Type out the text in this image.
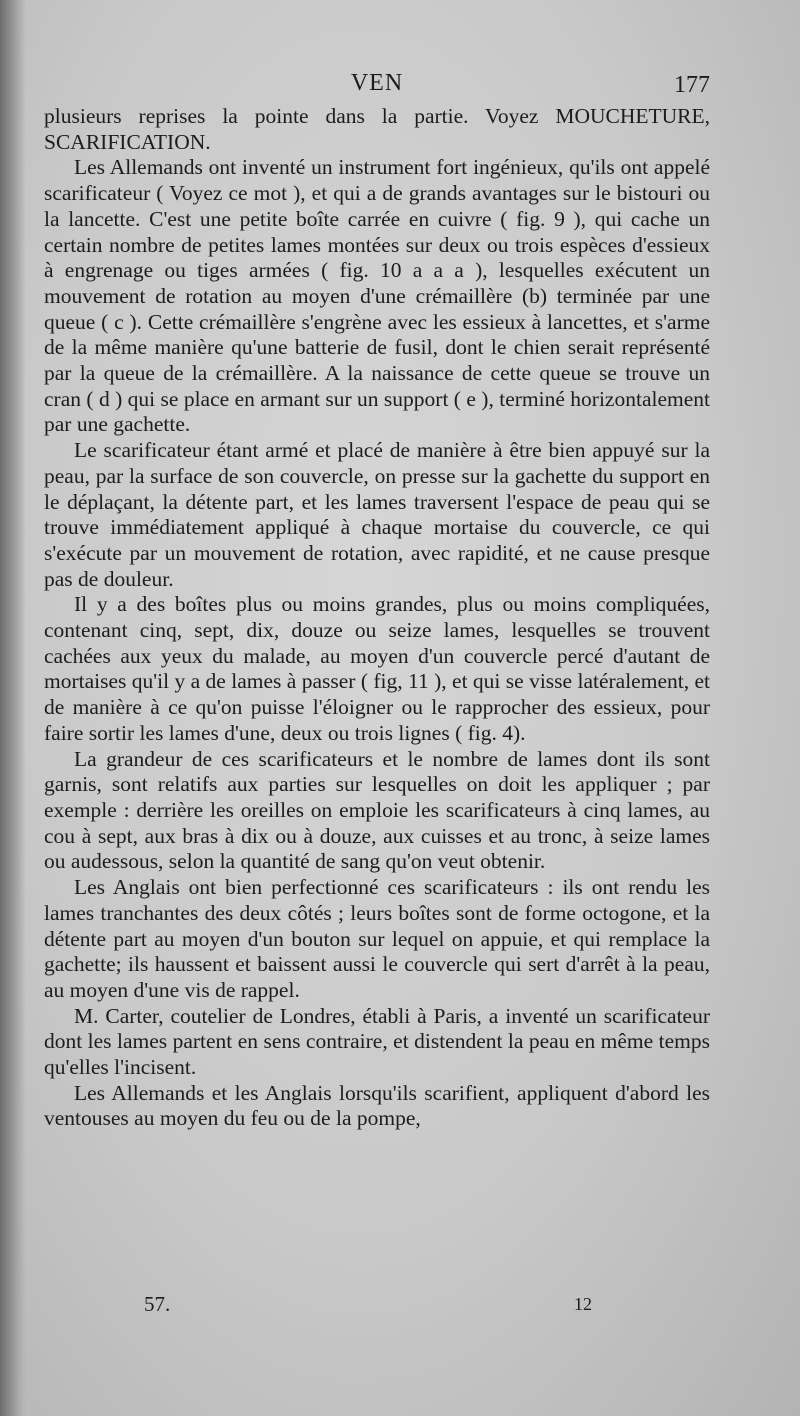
VEN	177

plusieurs reprises la pointe dans la partie. Voyez MOUCHETURE, SCARIFICATION.

Les Allemands ont inventé un instrument fort ingénieux, qu'ils ont appelé scarificateur ( Voyez ce mot ), et qui a de grands avantages sur le bistouri ou la lancette. C'est une petite boîte carrée en cuivre ( fig. 9 ), qui cache un certain nombre de petites lames montées sur deux ou trois espèces d'essieux à engrenage ou tiges armées ( fig. 10 a a a ), lesquelles exécutent un mouvement de rotation au moyen d'une crémaillère (b) terminée par une queue ( c ). Cette crémaillère s'engrène avec les essieux à lancettes, et s'arme de la même manière qu'une batterie de fusil, dont le chien serait représenté par la queue de la crémaillère. A la naissance de cette queue se trouve un cran ( d ) qui se place en armant sur un support ( e ), terminé horizontalement par une gachette.

Le scarificateur étant armé et placé de manière à être bien appuyé sur la peau, par la surface de son couvercle, on presse sur la gachette du support en le déplaçant, la détente part, et les lames traversent l'espace de peau qui se trouve immédiatement appliqué à chaque mortaise du couvercle, ce qui s'exécute par un mouvement de rotation, avec rapidité, et ne cause presque pas de douleur.

Il y a des boîtes plus ou moins grandes, plus ou moins compliquées, contenant cinq, sept, dix, douze ou seize lames, lesquelles se trouvent cachées aux yeux du malade, au moyen d'un couvercle percé d'autant de mortaises qu'il y a de lames à passer ( fig, 11 ), et qui se visse latéralement, et de manière à ce qu'on puisse l'éloigner ou le rapprocher des essieux, pour faire sortir les lames d'une, deux ou trois lignes ( fig. 4).

La grandeur de ces scarificateurs et le nombre de lames dont ils sont garnis, sont relatifs aux parties sur lesquelles on doit les appliquer ; par exemple : derrière les oreilles on emploie les scarificateurs à cinq lames, au cou à sept, aux bras à dix ou à douze, aux cuisses et au tronc, à seize lames ou audessous, selon la quantité de sang qu'on veut obtenir.

Les Anglais ont bien perfectionné ces scarificateurs : ils ont rendu les lames tranchantes des deux côtés ; leurs boîtes sont de forme octogone, et la détente part au moyen d'un bouton sur lequel on appuie, et qui remplace la gachette; ils haussent et baissent aussi le couvercle qui sert d'arrêt à la peau, au moyen d'une vis de rappel.

M. Carter, coutelier de Londres, établi à Paris, a inventé un scarificateur dont les lames partent en sens contraire, et distendent la peau en même temps qu'elles l'incisent.

Les Allemands et les Anglais lorsqu'ils scarifient, appliquent d'abord les ventouses au moyen du feu ou de la pompe,

57.	12
